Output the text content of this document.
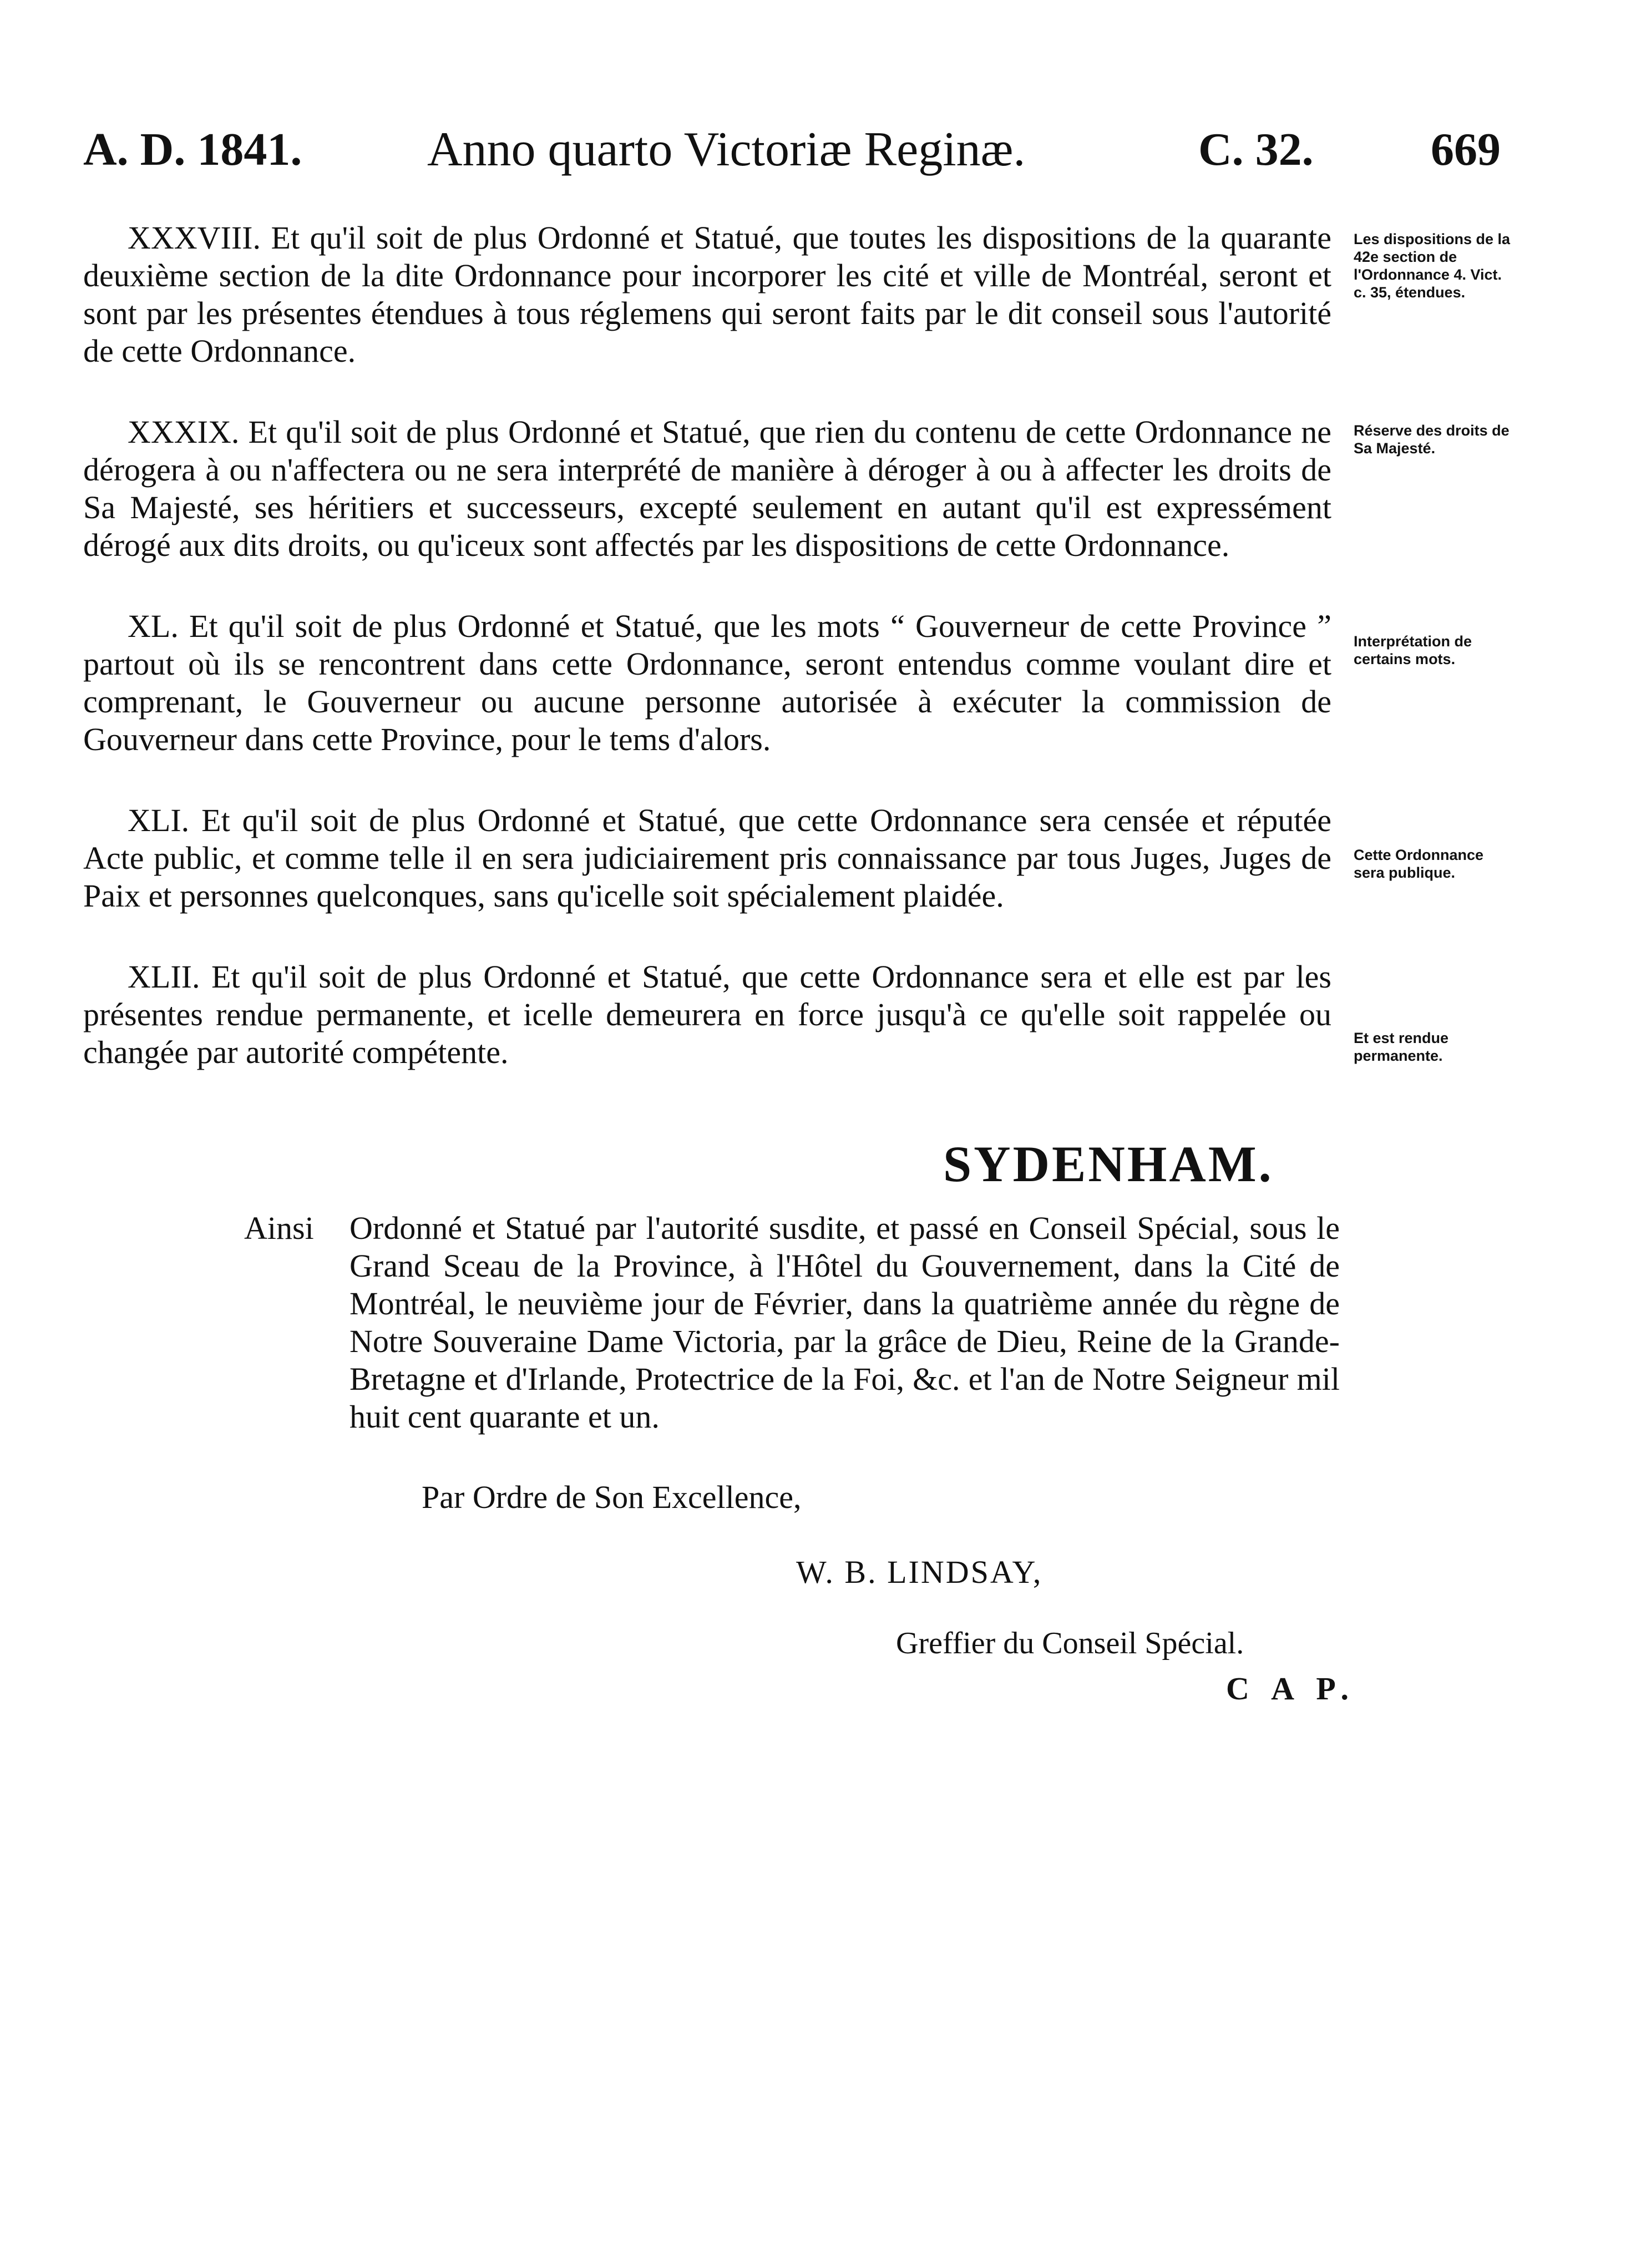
A. D. 1841.	Anno quarto Victoriæ Reginæ.	C. 32.	669

XXXVIII. Et qu'il soit de plus Ordonné et Statué, que toutes les dispositions de la quarante deuxième section de la dite Ordonnance pour incorporer les cité et ville de Montréal, seront et sont par les présentes étendues à tous réglemens qui seront faits par le dit conseil sous l'autorité de cette Ordonnance.

XXXIX. Et qu'il soit de plus Ordonné et Statué, que rien du contenu de cette Ordonnance ne dérogera à ou n'affectera ou ne sera interprété de manière à déroger à ou à affecter les droits de Sa Majesté, ses héritiers et successeurs, excepté seulement en autant qu'il est expressément dérogé aux dits droits, ou qu'iceux sont affectés par les dispositions de cette Ordonnance.

XL. Et qu'il soit de plus Ordonné et Statué, que les mots “ Gouverneur de cette Province ” partout où ils se rencontrent dans cette Ordonnance, seront entendus comme voulant dire et comprenant, le Gouverneur ou aucune personne autorisée à exécuter la commission de Gouverneur dans cette Province, pour le tems d'alors.

XLI. Et qu'il soit de plus Ordonné et Statué, que cette Ordonnance sera censée et réputée Acte public, et comme telle il en sera judiciairement pris connaissance par tous Juges, Juges de Paix et personnes quelconques, sans qu'icelle soit spécialement plaidée.

XLII. Et qu'il soit de plus Ordonné et Statué, que cette Ordonnance sera et elle est par les présentes rendue permanente, et icelle demeurera en force jusqu'à ce qu'elle soit rappelée ou changée par autorité compétente.

Les dispositions de la 42e section de l'Ordonnance 4. Vict. c. 35, étendues.
Réserve des droits de Sa Majesté.
Interprétation de certains mots.
Cette Ordonnance sera publique.
Et est rendue permanente.
SYDENHAM.
Ainsi	Ordonné et Statué par l'autorité susdite, et passé en Conseil Spécial, sous le Grand Sceau de la Province, à l'Hôtel du Gouvernement, dans la Cité de Montréal, le neuvième jour de Février, dans la quatrième année du règne de Notre Souveraine Dame Victoria, par la grâce de Dieu, Reine de la Grande-Bretagne et d'Irlande, Protectrice de la Foi, &c. et l'an de Notre Seigneur mil huit cent quarante et un.
Par Ordre de Son Excellence,
W. B. LINDSAY,
Greffier du Conseil Spécial.
C A P.
